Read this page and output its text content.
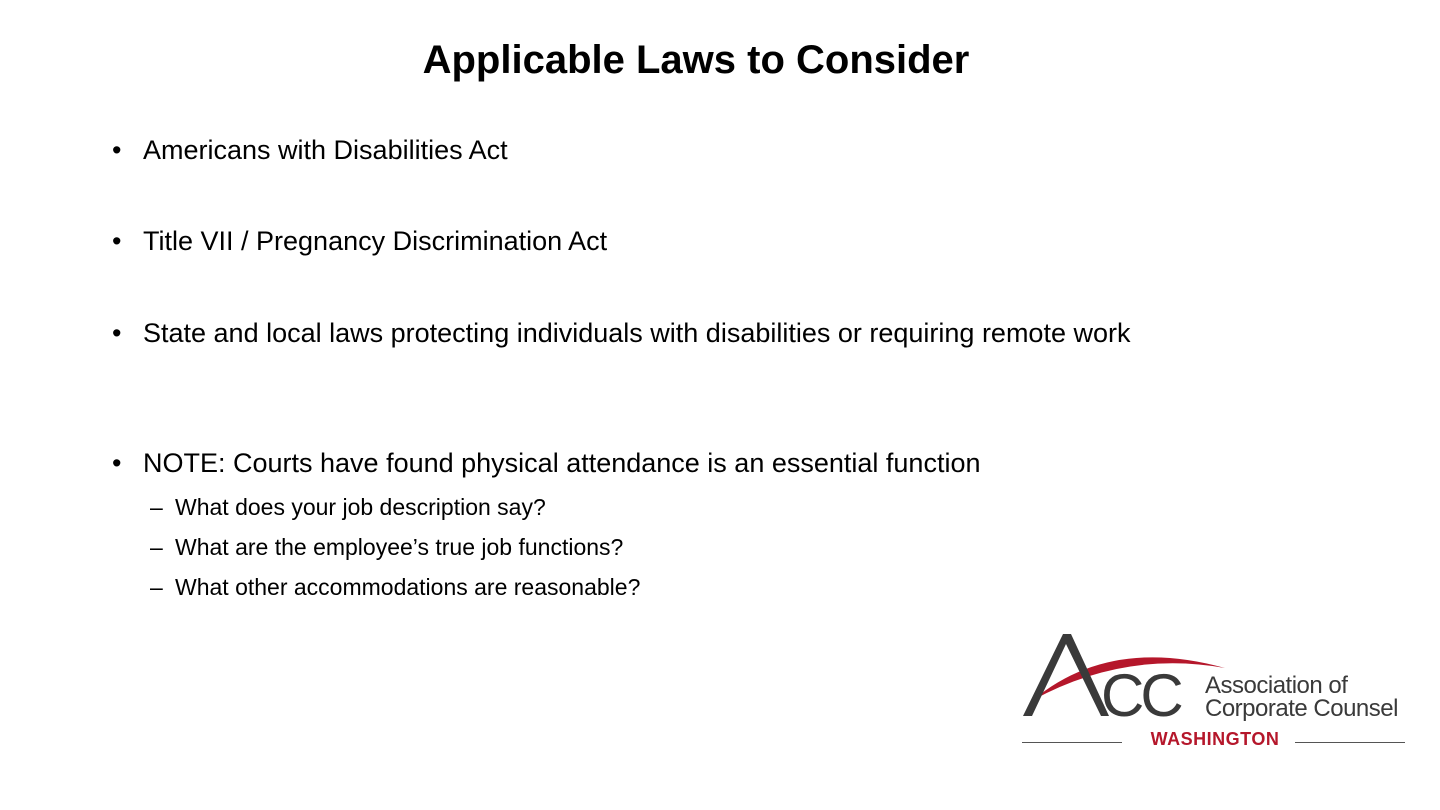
Applicable Laws to Consider
• Americans with Disabilities Act
• Title VII / Pregnancy Discrimination Act
• State and local laws protecting individuals with disabilities or requiring remote work
• NOTE: Courts have found physical attendance is an essential function
– What does your job description say?
– What are the employee’s true job functions?
– What other accommodations are reasonable?
CC Association of
Corporate Counsel
WASHINGTON
